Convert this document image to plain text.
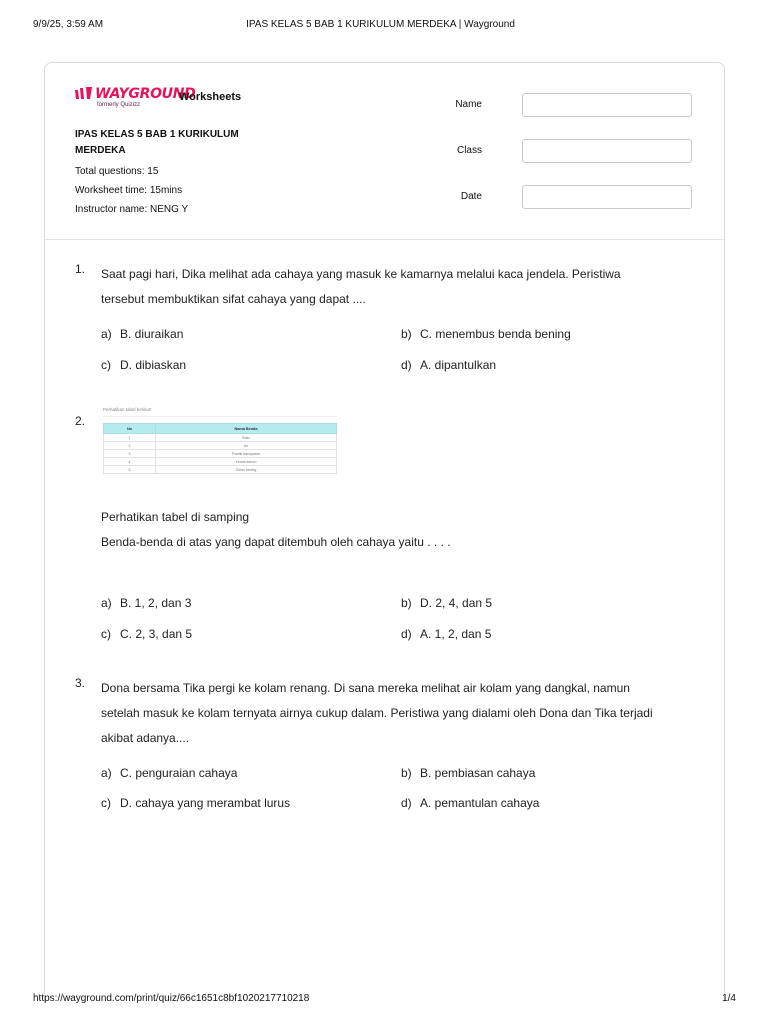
9/9/25, 3:59 AM	IPAS KELAS 5 BAB 1 KURIKULUM MERDEKA | Wayground
WAYGROUND
formerly Quizizz
Worksheets
IPAS KELAS 5 BAB 1 KURIKULUM MERDEKA
Total questions: 15
Worksheet time: 15mins
Instructor name: NENG Y
Name
Class
Date
1. Saat pagi hari, Dika melihat ada cahaya yang masuk ke kamarnya melalui kaca jendela. Peristiwa
tersebut membuktikan sifat cahaya yang dapat ....
a) B. diuraikan	b) C. menembus benda bening
c) D. dibiaskan	d) A. dipantulkan
2.
Perhatikan tabel berikut!
No	Nama Benda
1	Batu
2	Air
3	Plastik transparan
4	Kertas karton
5	Gelas bening
Perhatikan tabel di samping
Benda-benda di atas yang dapat ditembuh oleh cahaya yaitu . . . .
a) B. 1, 2, dan 3	b) D. 2, 4, dan 5
c) C. 2, 3, dan 5	d) A. 1, 2, dan 5
3. Dona bersama Tika pergi ke kolam renang. Di sana mereka melihat air kolam yang dangkal, namun
setelah masuk ke kolam ternyata airnya cukup dalam. Peristiwa yang dialami oleh Dona dan Tika terjadi
akibat adanya....
a) C. penguraian cahaya	b) B. pembiasan cahaya
c) D. cahaya yang merambat lurus	d) A. pemantulan cahaya
https://wayground.com/print/quiz/66c1651c8bf1020217710218	1/4
